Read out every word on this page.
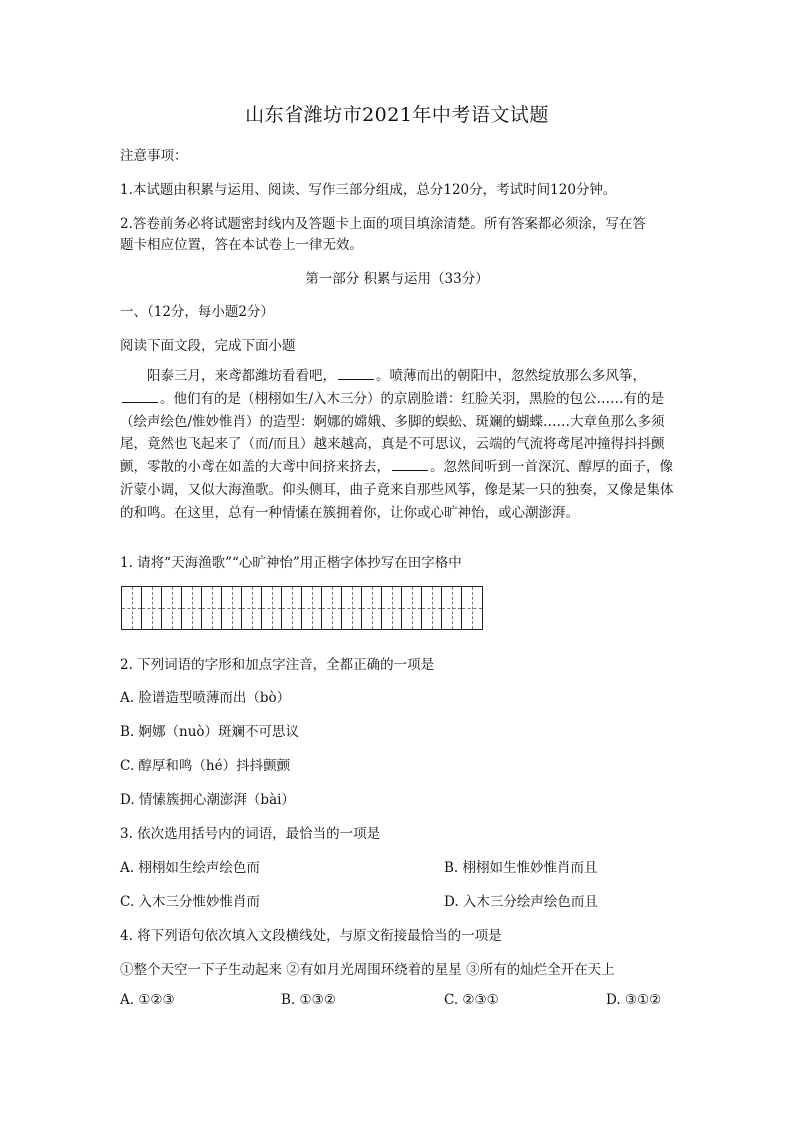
山东省潍坊市2021年中考语文试题
注意事项：
1.本试题由积累与运用、阅读、写作三部分组成，总分120分，考试时间120分钟。
2.答卷前务必将试题密封线内及答题卡上面的项目填涂清楚。所有答案都必须涂，写在答
题卡相应位置，答在本试卷上一律无效。
第一部分 积累与运用（33分）
一、（12分，每小题2分）
阅读下面文段，完成下面小题
阳泰三月，来鸢都潍坊看看吧，	。喷薄而出的朝阳中，忽然绽放那么多风筝，。他们有的是（栩栩如生/入木三分）的京剧脸谱：红脸关羽，黑脸的包公……有的是（绘声绘色/惟妙惟肖）的造型：婀娜的嫦娥、多脚的蜈蚣、斑斓的蝴蝶……大章鱼那么多须尾，竟然也飞起来了（而/而且）越来越高，真是不可思议，云端的气流将鸢尾冲撞得抖抖颤颤，零散的小鸢在如盖的大鸢中间挤来挤去，	。忽然间听到一首深沉、醇厚的面子，像沂蒙小调，又似大海渔歌。仰头侧耳，曲子竟来自那些风筝，像是某一只的独奏，又像是集体的和鸣。在这里，总有一种情愫在簇拥着你，让你或心旷神怡，或心潮澎湃。
1. 请将“天海渔歌”“心旷神怡”用正楷字体抄写在田字格中
2. 下列词语的字形和加点字注音，全都正确的一项是
A. 脸谱造型喷薄而出（bò）
B. 婀娜（nuò）斑斓不可思议
C. 醇厚和鸣（hé）抖抖颤颤
D. 情愫簇拥心潮澎湃（bài）
3. 依次选用括号内的词语，最恰当的一项是
A. 栩栩如生绘声绘色而	B. 栩栩如生惟妙惟肖而且
C. 入木三分惟妙惟肖而	D. 入木三分绘声绘色而且
4. 将下列语句依次填入文段横线处，与原文衔接最恰当的一项是
①整个天空一下子生动起来 ②有如月光周围环绕着的星星 ③所有的灿烂全开在天上
A. ①②③	B. ①③②	C. ②③①	D. ③①②
